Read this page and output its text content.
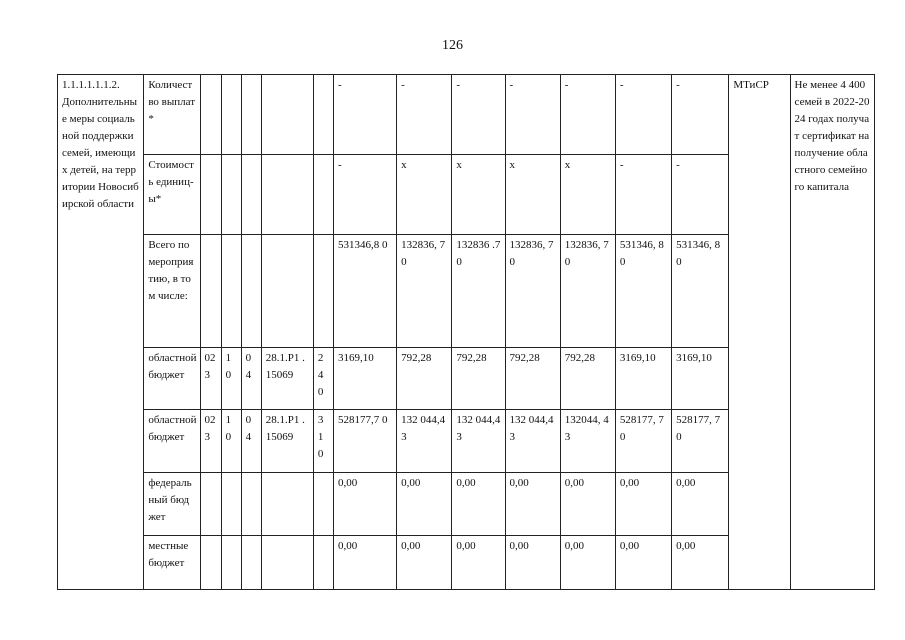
126
1.1.1.1.1.1.2.
Дополнительные меры социальной поддержки семей, имеющих детей, на территории Новосибирской области	Количество выплат*						-	-	-	-	-	-	-	МТиСР	Не менее 4 400 семей в 2022-2024 годах получат сертификат на получение областного семейного капитала
	Стоимость единицы*						-	x	x	x	x	-	-		
	Всего по мероприятию, в том числе:						531346,8 0	132836, 70	132836 .70	132836, 70	132836, 70	531346, 80	531346, 80		
	областной бюджет	02 3	1 0	0 4	28.1.P1 .15069	2 4 0	3169,10	792,28	792,28	792,28	792,28	3169,10	3169,10		
	областной бюджет	02 3	1 0	0 4	28.1.P1 .15069	3 1 0	528177,7 0	132 044,43	132 044,43	132 044,43	132044, 43	528177, 70	528177, 70		
	федеральный бюджет						0,00	0,00	0,00	0,00	0,00	0,00	0,00		
	местные бюджет						0,00	0,00	0,00	0,00	0,00	0,00	0,00		
